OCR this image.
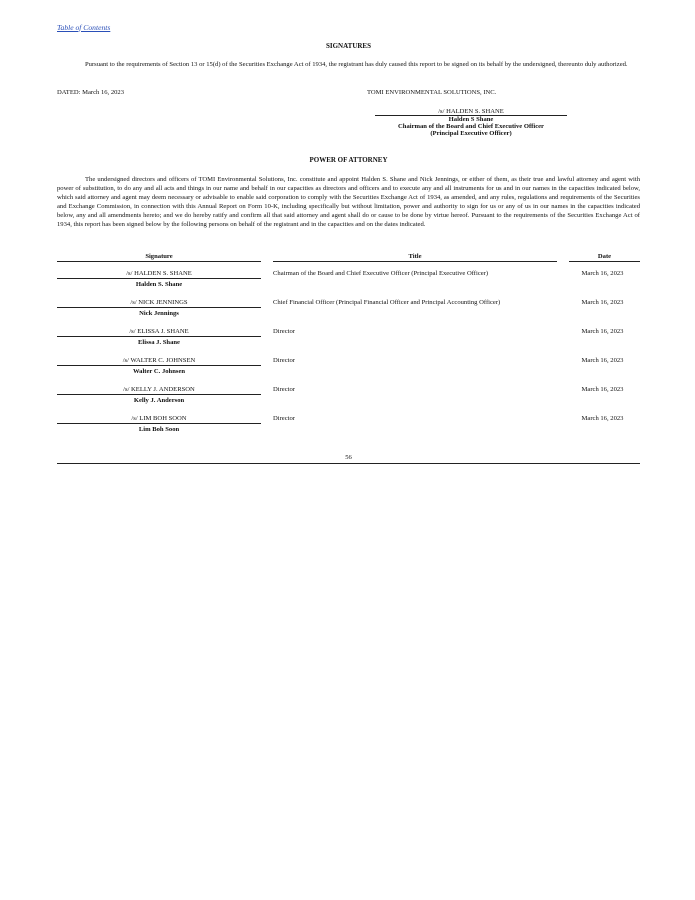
Table of Contents
SIGNATURES

Pursuant to the requirements of Section 13 or 15(d) of the Securities Exchange Act of 1934, the registrant has duly caused this report to be signed on its behalf by the undersigned, thereunto duly authorized.

DATED: March 16, 2023	TOMI ENVIRONMENTAL SOLUTIONS, INC.
/s/ HALDEN S. SHANE
Halden S Shane
Chairman of the Board and Chief Executive Officer
(Principal Executive Officer)
POWER OF ATTORNEY

The undersigned directors and officers of TOMI Environmental Solutions, Inc. constitute and appoint Halden S. Shane and Nick Jennings, or either of them, as their true and lawful attorney and agent with power of substitution, to do any and all acts and things in our name and behalf in our capacities as directors and officers and to execute any and all instruments for us and in our names in the capacities indicated below, which said attorney and agent may deem necessary or advisable to enable said corporation to comply with the Securities Exchange Act of 1934, as amended, and any rules, regulations and requirements of the Securities and Exchange Commission, in connection with this Annual Report on Form 10-K, including specifically but without limitation, power and authority to sign for us or any of us in our names in the capacities indicated below, any and all amendments hereto; and we do hereby ratify and confirm all that said attorney and agent shall do or cause to be done by virtue hereof. Pursuant to the requirements of the Securities Exchange Act of 1934, this report has been signed below by the following persons on behalf of the registrant and in the capacities and on the dates indicated.

Signature	Title	Date
/s/ HALDEN S. SHANE
Halden S. Shane
Chairman of the Board and Chief Executive Officer (Principal Executive Officer)	March 16, 2023
/s/ NICK JENNINGS
Nick Jennings
Chief Financial Officer (Principal Financial Officer and Principal Accounting Officer)	March 16, 2023
/s/ ELISSA J. SHANE
Elissa J. Shane
Director	March 16, 2023
/s/ WALTER C. JOHNSEN
Walter C. Johnsen
Director	March 16, 2023
/s/ KELLY J. ANDERSON
Kelly J. Anderson
Director	March 16, 2023
/s/ LIM BOH SOON
Lim Boh Soon
Director	March 16, 2023
56
